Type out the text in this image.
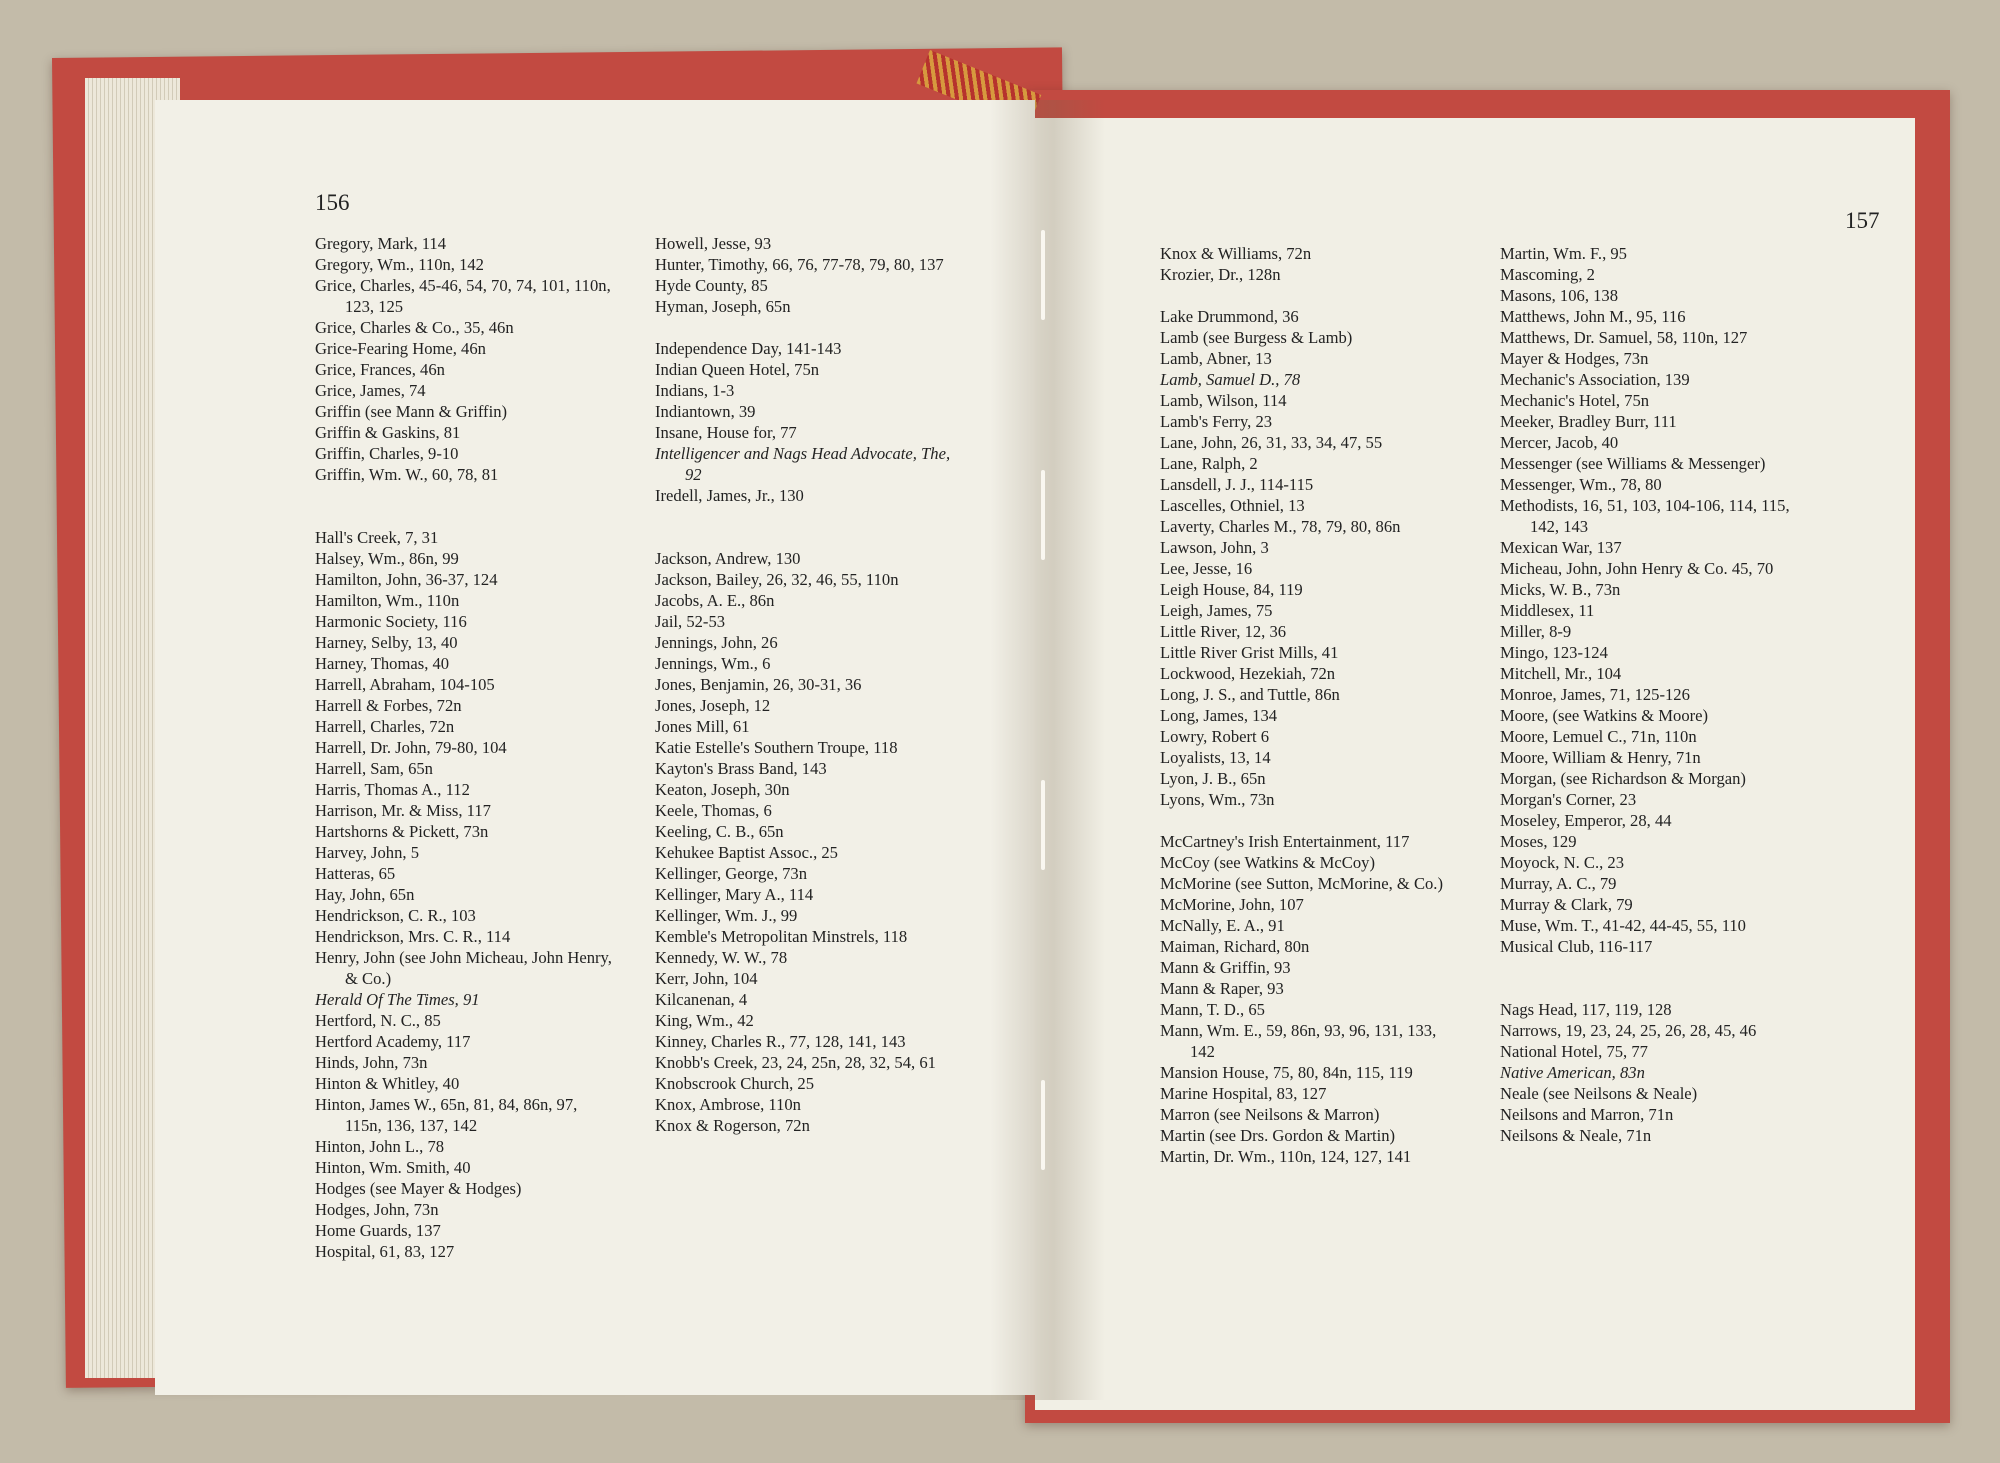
156
Gregory, Mark, 114
Gregory, Wm., 110n, 142
Grice, Charles, 45-46, 54, 70, 74, 101, 110n, 123, 125
Grice, Charles & Co., 35, 46n
Grice-Fearing Home, 46n
Grice, Frances, 46n
Grice, James, 74
Griffin (see Mann & Griffin)
Griffin & Gaskins, 81
Griffin, Charles, 9-10
Griffin, Wm. W., 60, 78, 81
Hall's Creek, 7, 31
Halsey, Wm., 86n, 99
Hamilton, John, 36-37, 124
Hamilton, Wm., 110n
Harmonic Society, 116
Harney, Selby, 13, 40
Harney, Thomas, 40
Harrell, Abraham, 104-105
Harrell & Forbes, 72n
Harrell, Charles, 72n
Harrell, Dr. John, 79-80, 104
Harrell, Sam, 65n
Harris, Thomas A., 112
Harrison, Mr. & Miss, 117
Hartshorns & Pickett, 73n
Harvey, John, 5
Hatteras, 65
Hay, John, 65n
Hendrickson, C. R., 103
Hendrickson, Mrs. C. R., 114
Henry, John (see John Micheau, John Henry, & Co.)
Herald Of The Times, 91
Hertford, N. C., 85
Hertford Academy, 117
Hinds, John, 73n
Hinton & Whitley, 40
Hinton, James W., 65n, 81, 84, 86n, 97, 115n, 136, 137, 142
Hinton, John L., 78
Hinton, Wm. Smith, 40
Hodges (see Mayer & Hodges)
Hodges, John, 73n
Home Guards, 137
Hospital, 61, 83, 127
Howell, Jesse, 93
Hunter, Timothy, 66, 76, 77-78, 79, 80, 137
Hyde County, 85
Hyman, Joseph, 65n
Independence Day, 141-143
Indian Queen Hotel, 75n
Indians, 1-3
Indiantown, 39
Insane, House for, 77
Intelligencer and Nags Head Advocate, The, 92
Iredell, James, Jr., 130
Jackson, Andrew, 130
Jackson, Bailey, 26, 32, 46, 55, 110n
Jacobs, A. E., 86n
Jail, 52-53
Jennings, John, 26
Jennings, Wm., 6
Jones, Benjamin, 26, 30-31, 36
Jones, Joseph, 12
Jones Mill, 61
Katie Estelle's Southern Troupe, 118
Kayton's Brass Band, 143
Keaton, Joseph, 30n
Keele, Thomas, 6
Keeling, C. B., 65n
Kehukee Baptist Assoc., 25
Kellinger, George, 73n
Kellinger, Mary A., 114
Kellinger, Wm. J., 99
Kemble's Metropolitan Minstrels, 118
Kennedy, W. W., 78
Kerr, John, 104
Kilcanenan, 4
King, Wm., 42
Kinney, Charles R., 77, 128, 141, 143
Knobb's Creek, 23, 24, 25n, 28, 32, 54, 61
Knobscrook Church, 25
Knox, Ambrose, 110n
Knox & Rogerson, 72n
157
Knox & Williams, 72n
Krozier, Dr., 128n
Lake Drummond, 36
Lamb (see Burgess & Lamb)
Lamb, Abner, 13
Lamb, Samuel D., 78
Lamb, Wilson, 114
Lamb's Ferry, 23
Lane, John, 26, 31, 33, 34, 47, 55
Lane, Ralph, 2
Lansdell, J. J., 114-115
Lascelles, Othniel, 13
Laverty, Charles M., 78, 79, 80, 86n
Lawson, John, 3
Lee, Jesse, 16
Leigh House, 84, 119
Leigh, James, 75
Little River, 12, 36
Little River Grist Mills, 41
Lockwood, Hezekiah, 72n
Long, J. S., and Tuttle, 86n
Long, James, 134
Lowry, Robert 6
Loyalists, 13, 14
Lyon, J. B., 65n
Lyons, Wm., 73n
McCartney's Irish Entertainment, 117
McCoy (see Watkins & McCoy)
McMorine (see Sutton, McMorine, & Co.)
McMorine, John, 107
McNally, E. A., 91
Maiman, Richard, 80n
Mann & Griffin, 93
Mann & Raper, 93
Mann, T. D., 65
Mann, Wm. E., 59, 86n, 93, 96, 131, 133, 142
Mansion House, 75, 80, 84n, 115, 119
Marine Hospital, 83, 127
Marron (see Neilsons & Marron)
Martin (see Drs. Gordon & Martin)
Martin, Dr. Wm., 110n, 124, 127, 141
Martin, Wm. F., 95
Mascoming, 2
Masons, 106, 138
Matthews, John M., 95, 116
Matthews, Dr. Samuel, 58, 110n, 127
Mayer & Hodges, 73n
Mechanic's Association, 139
Mechanic's Hotel, 75n
Meeker, Bradley Burr, 111
Mercer, Jacob, 40
Messenger (see Williams & Messenger)
Messenger, Wm., 78, 80
Methodists, 16, 51, 103, 104-106, 114, 115, 142, 143
Mexican War, 137
Micheau, John, John Henry & Co. 45, 70
Micks, W. B., 73n
Middlesex, 11
Miller, 8-9
Mingo, 123-124
Mitchell, Mr., 104
Monroe, James, 71, 125-126
Moore, (see Watkins & Moore)
Moore, Lemuel C., 71n, 110n
Moore, William & Henry, 71n
Morgan, (see Richardson & Morgan)
Morgan's Corner, 23
Moseley, Emperor, 28, 44
Moses, 129
Moyock, N. C., 23
Murray, A. C., 79
Murray & Clark, 79
Muse, Wm. T., 41-42, 44-45, 55, 110
Musical Club, 116-117
Nags Head, 117, 119, 128
Narrows, 19, 23, 24, 25, 26, 28, 45, 46
National Hotel, 75, 77
Native American, 83n
Neale (see Neilsons & Neale)
Neilsons and Marron, 71n
Neilsons & Neale, 71n
